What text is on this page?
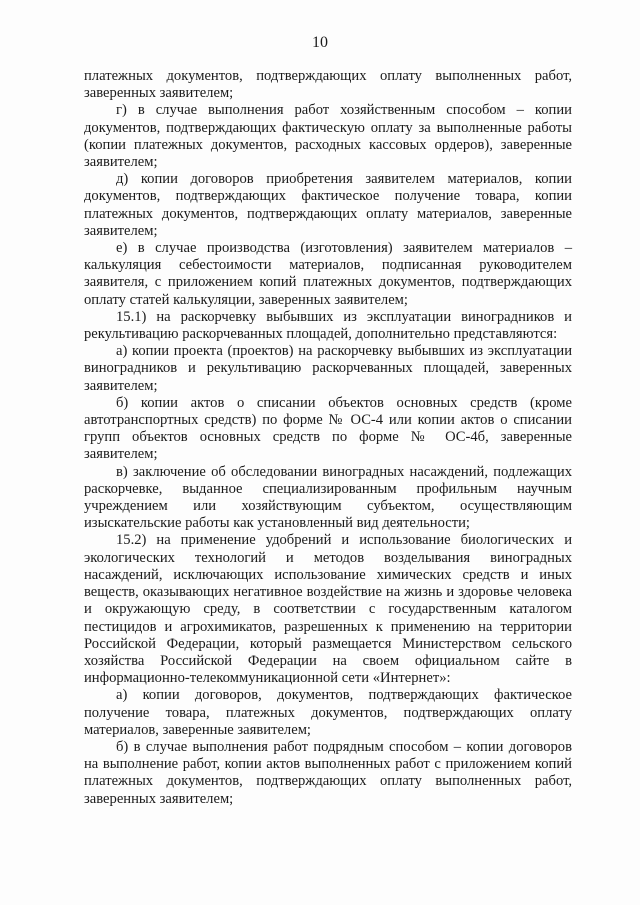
10

платежных документов, подтверждающих оплату выполненных работ, заверенных заявителем;

г) в случае выполнения работ хозяйственным способом – копии документов, подтверждающих фактическую оплату за выполненные работы (копии платежных документов, расходных кассовых ордеров), заверенные заявителем;

д) копии договоров приобретения заявителем материалов, копии документов, подтверждающих фактическое получение товара, копии платежных документов, подтверждающих оплату материалов, заверенные заявителем;

е) в случае производства (изготовления) заявителем материалов – калькуляция себестоимости материалов, подписанная руководителем заявителя, с приложением копий платежных документов, подтверждающих оплату статей калькуляции, заверенных заявителем;

15.1) на раскорчевку выбывших из эксплуатации виноградников и рекультивацию раскорчеванных площадей, дополнительно представляются:

а) копии проекта (проектов) на раскорчевку выбывших из эксплуатации виноградников и рекультивацию раскорчеванных площадей, заверенных заявителем;

б) копии актов о списании объектов основных средств (кроме автотранспортных средств) по форме № ОС-4 или копии актов о списании групп объектов основных средств по форме № ОС-4б, заверенные заявителем;

в) заключение об обследовании виноградных насаждений, подлежащих раскорчевке, выданное специализированным профильным научным учреждением или хозяйствующим субъектом, осуществляющим изыскательские работы как установленный вид деятельности;

15.2) на применение удобрений и использование биологических и экологических технологий и методов возделывания виноградных насаждений, исключающих использование химических средств и иных веществ, оказывающих негативное воздействие на жизнь и здоровье человека и окружающую среду, в соответствии с государственным каталогом пестицидов и агрохимикатов, разрешенных к применению на территории Российской Федерации, который размещается Министерством сельского хозяйства Российской Федерации на своем официальном сайте в информационно-телекоммуникационной сети «Интернет»:

а) копии договоров, документов, подтверждающих фактическое получение товара, платежных документов, подтверждающих оплату материалов, заверенные заявителем;

б) в случае выполнения работ подрядным способом – копии договоров на выполнение работ, копии актов выполненных работ с приложением копий платежных документов, подтверждающих оплату выполненных работ, заверенных заявителем;
